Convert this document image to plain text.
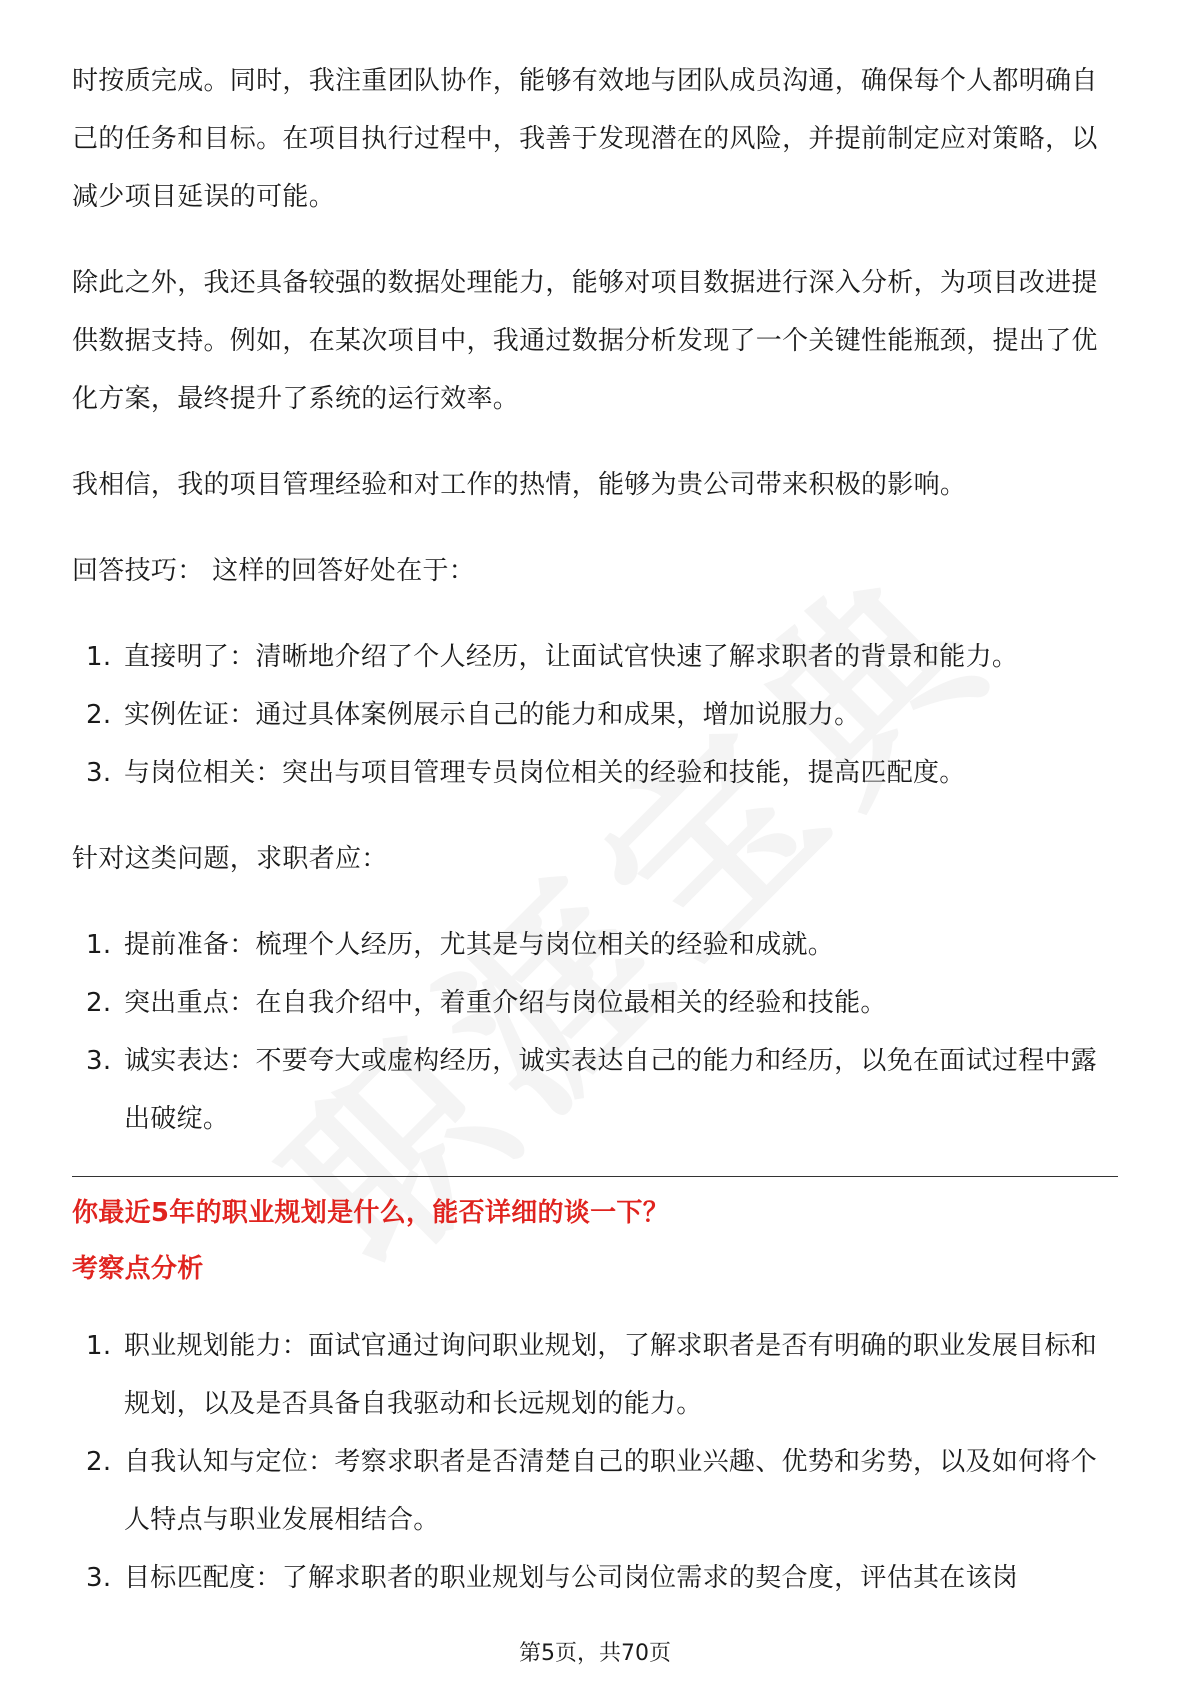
时按质完成。同时，我注重团队协作，能够有效地与团队成员沟通，确保每个人都明确自己的任务和目标。在项目执行过程中，我善于发现潜在的风险，并提前制定应对策略，以减少项目延误的可能。

除此之外，我还具备较强的数据处理能力，能够对项目数据进行深入分析，为项目改进提供数据支持。例如，在某次项目中，我通过数据分析发现了一个关键性能瓶颈，提出了优化方案，最终提升了系统的运行效率。

我相信，我的项目管理经验和对工作的热情，能够为贵公司带来积极的影响。

回答技巧： 这样的回答好处在于：

1. 直接明了：清晰地介绍了个人经历，让面试官快速了解求职者的背景和能力。
2. 实例佐证：通过具体案例展示自己的能力和成果，增加说服力。
3. 与岗位相关：突出与项目管理专员岗位相关的经验和技能，提高匹配度。

针对这类问题，求职者应：

1. 提前准备：梳理个人经历，尤其是与岗位相关的经验和成就。
2. 突出重点：在自我介绍中，着重介绍与岗位最相关的经验和技能。
3. 诚实表达：不要夸大或虚构经历，诚实表达自己的能力和经历，以免在面试过程中露出破绽。

你最近5年的职业规划是什么，能否详细的谈一下？

考察点分析

1. 职业规划能力：面试官通过询问职业规划，了解求职者是否有明确的职业发展目标和规划，以及是否具备自我驱动和长远规划的能力。
2. 自我认知与定位：考察求职者是否清楚自己的职业兴趣、优势和劣势，以及如何将个人特点与职业发展相结合。
3. 目标匹配度：了解求职者的职业规划与公司岗位需求的契合度，评估其在该岗
第5页，共70页
